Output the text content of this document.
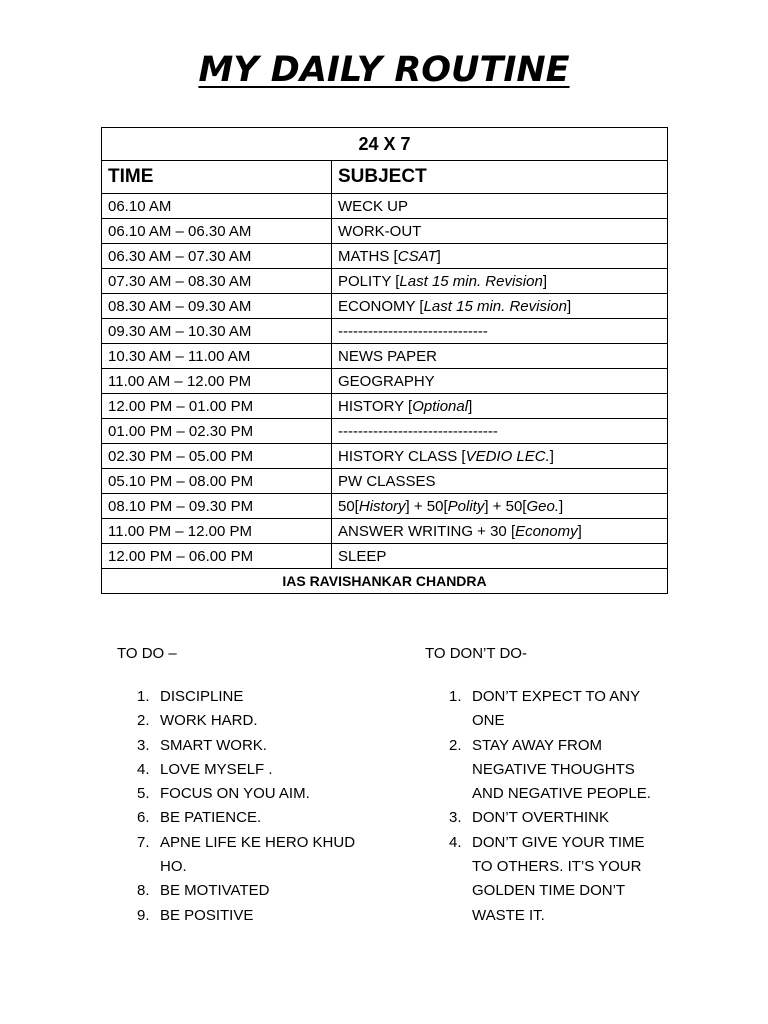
MY DAILY ROUTINE
24 X 7	
TIME	SUBJECT
06.10 AM	WECK UP
06.10 AM – 06.30 AM	WORK-OUT
06.30 AM – 07.30 AM	MATHS [CSAT]
07.30 AM – 08.30 AM	POLITY [Last 15 min. Revision]
08.30 AM – 09.30 AM	ECONOMY [Last 15 min. Revision]
09.30 AM – 10.30 AM	------------------------------
10.30 AM – 11.00 AM	NEWS PAPER
11.00 AM – 12.00 PM	GEOGRAPHY
12.00 PM – 01.00 PM	HISTORY [Optional]
01.00 PM – 02.30 PM	--------------------------------
02.30 PM – 05.00 PM	HISTORY CLASS [VEDIO LEC.]
05.10 PM – 08.00 PM	PW CLASSES
08.10 PM – 09.30 PM	50[History] + 50[Polity] + 50[Geo.]
11.00 PM – 12.00 PM	ANSWER WRITING + 30 [Economy]
12.00 PM – 06.00 PM	SLEEP
IAS RAVISHANKAR CHANDRA	
TO DO –
1. DISCIPLINE
2. WORK HARD.
3. SMART WORK.
4. LOVE MYSELF .
5. FOCUS ON YOU AIM.
6. BE PATIENCE.
7. APNE LIFE KE HERO KHUD
HO.
8. BE MOTIVATED
9. BE POSITIVE
TO DON’T DO-
1. DON’T EXPECT TO ANY
ONE
2. STAY AWAY FROM
NEGATIVE THOUGHTS
AND NEGATIVE PEOPLE.
3. DON’T OVERTHINK
4. DON’T GIVE YOUR TIME
TO OTHERS. IT’S YOUR
GOLDEN TIME DON’T
WASTE IT.
